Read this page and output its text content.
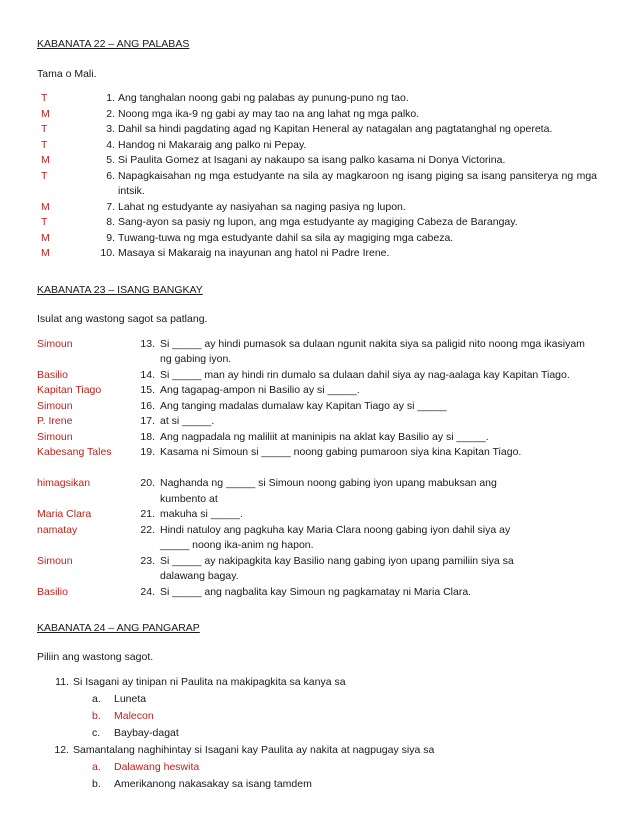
KABANATA 22 – ANG PALABAS
Tama o Mali.
T	1. Ang tanghalan noong gabi ng palabas ay punung-puno ng tao.
M	2. Noong mga ika-9 ng gabi ay may tao na ang lahat ng mga palko.
T	3. Dahil sa hindi pagdating agad ng Kapitan Heneral ay natagalan ang pagtatanghal ng opereta.
T	4. Handog ni Makaraig ang palko ni Pepay.
M	5. Si Paulita Gomez at Isagani ay nakaupo sa isang palko kasama ni Donya Victorina.
T	6. Napagkaisahan ng mga estudyante na sila ay magkaroon ng isang piging sa isang pansiterya ng mga intsik.
M	7. Lahat ng estudyante ay nasiyahan sa naging pasiya ng lupon.
T	8. Sang-ayon sa pasiy ng lupon, ang mga estudyante ay magiging Cabeza de Barangay.
M	9. Tuwang-tuwa ng mga estudyante dahil sa sila ay magiging mga cabeza.
M	10. Masaya si Makaraig na inayunan ang hatol ni Padre Irene.
KABANATA 23 – ISANG BANGKAY
Isulat ang wastong sagot sa patlang.
Simoun	13. Si _____ ay hindi pumasok sa dulaan ngunit nakita siya sa paligid nito noong mga ikasiyam ng gabing iyon.
Basilio	14. Si _____ man ay hindi rin dumalo sa dulaan dahil siya ay nag-aalaga kay Kapitan Tiago.
Kapitan Tiago	15. Ang tagapag-ampon ni Basilio ay si _____.
Simoun	16. Ang tanging madalas dumalaw kay Kapitan Tiago ay si _____
P. Irene	17. at si _____.
Simoun	18. Ang nagpadala ng maliliit at maninipis na aklat kay Basilio ay si _____.
Kabesang Tales	19. Kasama ni Simoun si _____ noong gabing pumaroon siya kina Kapitan Tiago.
himagsikan	20. Naghanda ng _____ si Simoun noong gabing iyon upang mabuksan ang kumbento at
Maria Clara	21. makuha si _____.
namatay	22. Hindi natuloy ang pagkuha kay Maria Clara noong gabing iyon dahil siya ay _____ noong ika-anim ng hapon.
Simoun	23. Si _____ ay nakipagkita kay Basilio nang gabing iyon upang pamiliin siya sa dalawang bagay.
Basilio	24. Si _____ ang nagbalita kay Simoun ng pagkamatay ni Maria Clara.
KABANATA 24 – ANG PANGARAP
Piliin ang wastong sagot.
11. Si Isagani ay tinipan ni Paulita na makipagkita sa kanya sa
a. Luneta
b. Malecon
c. Baybay-dagat
12. Samantalang naghihintay si Isagani kay Paulita ay nakita at nagpugay siya sa
a. Dalawang heswita
b. Amerikanong nakasakay sa isang tamdem
